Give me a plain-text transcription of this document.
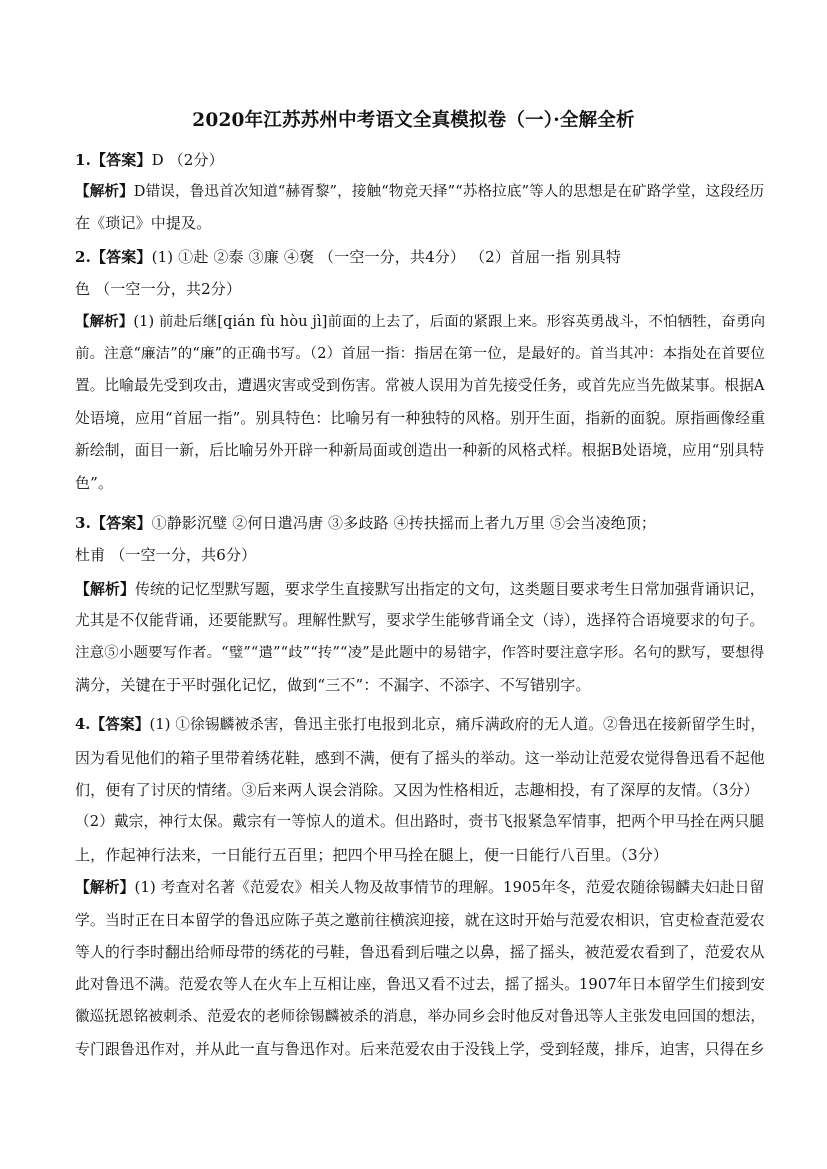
2020年江苏苏州中考语文全真模拟卷（一）·全解全析
1.【答案】D （2分）
【解析】D错误，鲁迅首次知道“赫胥黎”，接触“物竞天择”“苏格拉底”等人的思想是在矿路学堂，这段经历
在《琐记》中提及。
2.【答案】(1) ①赴 ②泰 ③廉 ④褒 （一空一分，共4分） （2）首屈一指 别具特
色 （一空一分，共2分）
【解析】(1) 前赴后继[qián fù hòu jì]前面的上去了，后面的紧跟上来。形容英勇战斗，不怕牺牲，奋勇向
前。注意“廉洁”的“廉”的正确书写。（2）首屈一指：指居在第一位，是最好的。首当其冲：本指处在首要位
置。比喻最先受到攻击，遭遇灾害或受到伤害。常被人误用为首先接受任务，或首先应当先做某事。根据A
处语境，应用“首屈一指”。别具特色：比喻另有一种独特的风格。别开生面，指新的面貌。原指画像经重
新绘制，面目一新，后比喻另外开辟一种新局面或创造出一种新的风格式样。根据B处语境，应用“别具特
色”。
3.【答案】①静影沉璧 ②何日遣冯唐 ③多歧路 ④抟扶摇而上者九万里 ⑤会当凌绝顶；
杜甫 （一空一分，共6分）
【解析】传统的记忆型默写题，要求学生直接默写出指定的文句，这类题目要求考生日常加强背诵识记，
尤其是不仅能背诵，还要能默写。理解性默写，要求学生能够背诵全文（诗），选择符合语境要求的句子。
注意⑤小题要写作者。“璧”“遣”“歧”“抟”“凌”是此题中的易错字，作答时要注意字形。名句的默写，要想得
满分，关键在于平时强化记忆，做到“三不”：不漏字、不添字、不写错别字。
4.【答案】(1) ①徐锡麟被杀害，鲁迅主张打电报到北京，痛斥满政府的无人道。②鲁迅在接新留学生时，
因为看见他们的箱子里带着绣花鞋，感到不满，便有了摇头的举动。这一举动让范爱农觉得鲁迅看不起他
们，便有了讨厌的情绪。③后来两人误会消除。又因为性格相近，志趣相投，有了深厚的友情。（3分）
（2）戴宗，神行太保。戴宗有一等惊人的道术。但出路时，赍书飞报紧急军情事，把两个甲马拴在两只腿
上，作起神行法来，一日能行五百里；把四个甲马拴在腿上，便一日能行八百里。（3分）
【解析】(1) 考查对名著《范爱农》相关人物及故事情节的理解。1905年冬，范爱农随徐锡麟夫妇赴日留
学。当时正在日本留学的鲁迅应陈子英之邀前往横滨迎接，就在这时开始与范爱农相识，官吏检查范爱农
等人的行李时翻出给师母带的绣花的弓鞋，鲁迅看到后嗤之以鼻，摇了摇头，被范爱农看到了，范爱农从
此对鲁迅不满。范爱农等人在火车上互相让座，鲁迅又看不过去，摇了摇头。1907年日本留学生们接到安
徽巡抚恩铭被刺杀、范爱农的老师徐锡麟被杀的消息，举办同乡会时他反对鲁迅等人主张发电回国的想法，
专门跟鲁迅作对，并从此一直与鲁迅作对。后来范爱农由于没钱上学，受到轻蔑，排斥，迫害，只得在乡
